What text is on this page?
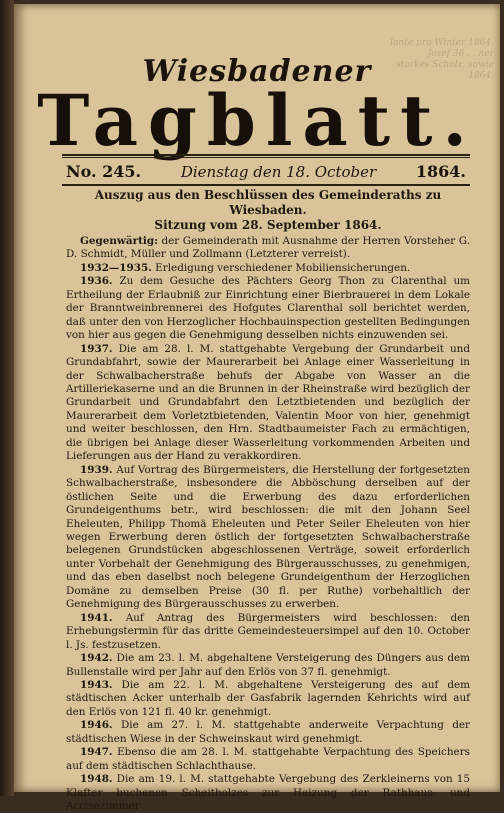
lonte pro Winter 1864.
Josef 36 . . ner
starkes Scholz, sowie
1864.
Wiesbadener
Tagblatt.
No. 245.	Dienstag den 18. October	1864.
Auszug aus den Beschlüssen des Gemeinderaths zu Wiesbaden.
Sitzung vom 28. September 1864.

Gegenwärtig: der Gemeinderath mit Ausnahme der Herren Vorsteher G. D. Schmidt, Müller und Zollmann (Letzterer verreist).

1932—1935. Erledigung verschiedener Mobiliensicherungen.

1936. Zu dem Gesuche des Pächters Georg Thon zu Clarenthal um Ertheilung der Erlaubniß zur Einrichtung einer Bierbrauerei in dem Lokale der Branntweinbrennerei des Hofgutes Clarenthal soll berichtet werden, daß unter den von Herzoglicher Hochbauinspection gestellten Bedingungen von hier aus gegen die Genehmigung desselben nichts einzuwenden sei.

1937. Die am 28. l. M. stattgehabte Vergebung der Grundarbeit und Grundabfahrt, sowie der Maurerarbeit bei Anlage einer Wasserleitung in der Schwalbacherstraße behufs der Abgabe von Wasser an die Artilleriekaserne und an die Brunnen in der Rheinstraße wird bezüglich der Grundarbeit und Grundabfahrt den Letztbietenden und bezüglich der Maurerarbeit dem Vorletztbietenden, Valentin Moor von hier, genehmigt und weiter beschlossen, den Hrn. Stadtbaumeister Fach zu ermächtigen, die übrigen bei Anlage dieser Wasserleitung vorkommenden Arbeiten und Lieferungen aus der Hand zu verakkordiren.

1939. Auf Vortrag des Bürgermeisters, die Herstellung der fortgesetzten Schwalbacherstraße, insbesondere die Abböschung derselben auf der östlichen Seite und die Erwerbung des dazu erforderlichen Grundeigenthums betr., wird beschlossen: die mit den Johann Seel Eheleuten, Philipp Thomä Eheleuten und Peter Seiler Eheleuten von hier wegen Erwerbung deren östlich der fortgesetzten Schwalbacherstraße belegenen Grundstücken abgeschlossenen Verträge, soweit erforderlich unter Vorbehalt der Genehmigung des Bürgerausschusses, zu genehmigen, und das eben daselbst noch belegene Grundeigenthum der Herzoglichen Domäne zu demselben Preise (30 fl. per Ruthe) vorbehaltlich der Genehmigung des Bürgerausschusses zu erwerben.

1941. Auf Antrag des Bürgermeisters wird beschlossen: den Erhebungstermin für das dritte Gemeindesteuersimpel auf den 10. October l. Js. festzusetzen.

1942. Die am 23. l. M. abgehaltene Versteigerung des Düngers aus dem Bullenstalle wird per Jahr auf den Erlös von 37 fl. genehmigt.

1943. Die am 22. l. M. abgehaltene Versteigerung des auf dem städtischen Acker unterhalb der Gasfabrik lagernden Kehrichts wird auf den Erlös von 121 fl. 40 kr. genehmigt.

1946. Die am 27. l. M. stattgehabte anderweite Verpachtung der städtischen Wiese in der Schweinskaut wird genehmigt.

1947. Ebenso die am 28. l. M. stattgehabte Verpachtung des Speichers auf dem städtischen Schlachthause.

1948. Die am 19. l. M. stattgehabte Vergebung des Zerkleinerns von 15 Klafter buchenen Scheitholzes zur Heizung der Rathhaus- und Accisezimmer
